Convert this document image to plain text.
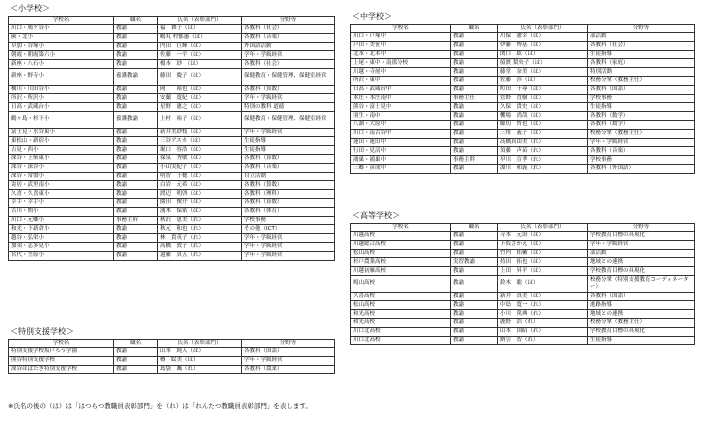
＜小学校＞
学校名	職名	氏名（表彰部門）	分野等
川口・鳩ケ谷小	教諭	福　舞子（は）	各教科（社会）
蕨・北小	教諭	鶴丸 村郁惠（は）	各教科（音楽）
草加・谷塚小	教諭	内田　巨輝（は）	外国語活動
朝霞・朝霞第六小	教諭	佐藤　一平（は）	学年・学級経営
新座・八石小	教諭	榎本　紗　（は）	各教科（社会）
新座・野寺小	養護教諭	藤田　慶子（は）	保健教育・保健管理、保健室経営
桶川・川田谷小	教諭	岡　　裕也（は）	各教科（算数）
所沢・所沢小	教諭	安蘭　寛紀（は）	学年・学級経営
日高・武蔵台小	教諭	星野　憲之（は）	特別の教科 道徳
鶴ヶ島・杉下小	養護教諭	上村　裕子（は）	保健教育・保健管理、保健室経営
富士見・水谷東小	教諭	新井美紗枝（は）	学年・学級経営
東松山・新宿小	教諭	三谷アスカ（は）	生徒指導
吉見・西小	教諭	堀口　容浩（は）	生徒指導
深谷・上柴東小	教諭	保泉　秀敏（は）	各教科（算数）
深谷・深谷小	教諭	小山実紀子（は）	各教科（音楽）
深谷・常盤小	教諭	明智　千穂（は）	自立活動
寄居・武里南小	教諭	白岩　元希（は）	各教科（算数）
久喜・久喜東小	教諭	渡辺　明啓（は）	各教科（理科）
幸手・幸手小	教諭	園田　俊介（は）	各教科（算数）
吉川・関小	教諭	浦木　保依（は）	各教科（体育）
川口・元郷小	事務主幹	秋沢　恵美（れ）	学校事務
和光・下新倉小	教諭	秋元　和也（れ）	その他（ICT）
越谷・弘栄小	教諭	林　貴英子（れ）	学年・学級経営
加須・志多見小	教諭	高橋　敦子（れ）	学年・学級経営
宮代・笠原小	教諭	遠藤　真五（れ）	学年・学級経営
＜特別支援学校＞
学校名	職名	氏名（表彰部門）	分野等
特別支援学校坂戸ろう学園	教諭	山本　純人（は）	各教科（国語）
熊谷特別支援学校	教諭	樽　絵美（は）	学年・学級経営
深谷はばたき特別支援学校	教諭	島袋　颯（れ）	各教科（農業）
＜中学校＞
学校名	職名	氏名（表彰部門）	分野等
川口・戸塚中	教諭	川保　憲幸（は）	部活動
戸田・美笹中	教諭	伊藤　博基（は）	各教科（社会）
北本・北本中	教諭	関口　紘（は）	生徒指導
上尾・東中・南那分校	教諭	船渡 梨央子（は）	各教科（家庭）
川越・寺尾中	教諭	藤堂　奈美（は）	特別活動
所沢・東中	教諭	佐藤　涉（は）	校務分掌（教務主任）
日高・武蔵台中	教諭	町田　千尋（は）	各教科（国語）
本庄・本庄南中	事務主任	菅野　直樹（は）	学校事務
熊谷・富士見中	教諭	久保　貴史（は）	生徒指導
羽生・南中	教諭	饗場　尚哉（は）	各教科（数学）
八潮・大原中	教諭	鯨切　哲也（は）	各教科（数学）
川口・南古谷中	教諭	三角　義子（は）	校務分掌（教務主任）
蓮田・蓮田中	教諭	高橋真由美（れ）	学年・学級経営
行田・見沼中	教諭	須藤　声苗（れ）	各教科（音楽）
鴻巣・鴻巣中	事務主幹	早川　宣孝（れ）	学校事務
三郷・彦成中	教諭	淵川　和義（れ）	各教科（外国語）
＜高等学校＞
学校名	職名	氏名（表彰部門）	分野等
川越高校	教諭	寺本　元治（は）	学校教育目標の具現化
川越総合高校	教諭	下坂さかえ（は）	学年・学級経営
松山高校	教諭	竹内　佑輔（は）	部活動
杉戸農業高校	実習教諭	持田　拓也（は）	地域との連携
川越初雁高校	教諭	上田　昇平（は）	学校教育目標の具現化
鳩山高校	教諭	鈴木　聡（は）	校務分掌（特別支援教育コーディネーター）
久喜高校	教諭	新井　真美（は）	各教科（国語）
松山高校	教諭	中島　寛一（れ）	進路指導
和光高校	教諭	小川　篤典（れ）	地域との連携
和光高校	教諭	鹿野　浩（れ）	校務分掌（教務主任）
川口北高校	教諭	山本　国昭（れ）	学校教育目標の具現化
川口北高校	教諭	納引　智（れ）	生徒指導
※氏名の後の（は）は「はつらつ教職員表彰部門」を（れ）は「れんたつ教職員表彰部門」を表します。
